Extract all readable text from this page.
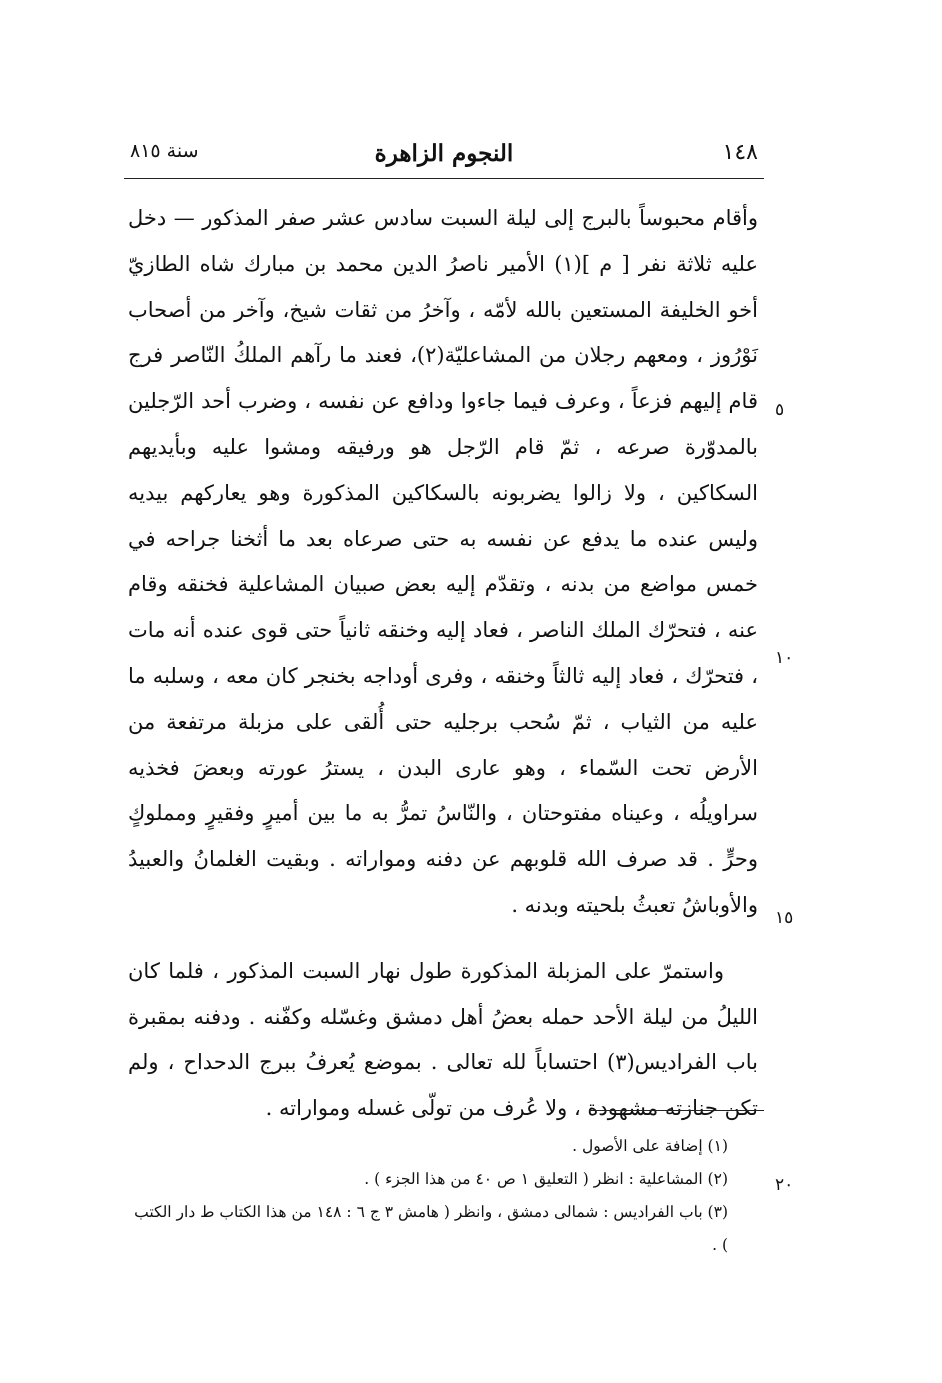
١٤٨
النجوم الزاهرة
سنة ٨١٥

وأقام محبوساً بالبرج إلى ليلة السبت سادس عشر صفر المذكور — دخل عليه ثلاثة نفر [ م ](١) الأمير ناصرُ الدين محمد بن مبارك شاه الطازيّ أخو الخليفة المستعين بالله لأمّه ، وآخرُ من ثقات شيخ، وآخر من أصحاب نَوْرُوز ، ومعهم رجلان من المشاعليّة(٢)، فعند ما رآهم الملكُ النّاصر فرج قام إليهم فزعاً ، وعرف فيما جاءوا ودافع عن نفسه ، وضرب أحد الرّجلين بالمدوّرة صرعه ، ثمّ قام الرّجل هو ورفيقه ومشوا عليه وبأيديهم السكاكين ، ولا زالوا يضربونه بالسكاكين المذكورة وهو يعاركهم بيديه وليس عنده ما يدفع عن نفسه به حتى صرعاه بعد ما أثخنا جراحه في خمس مواضع من بدنه ، وتقدّم إليه بعض صبيان المشاعلية فخنقه وقام عنه ، فتحرّك الملك الناصر ، فعاد إليه وخنقه ثانياً حتى قوى عنده أنه مات ، فتحرّك ، فعاد إليه ثالثاً وخنقه ، وفرى أوداجه بخنجر كان معه ، وسلبه ما عليه من الثياب ، ثمّ سُحب برجليه حتى أُلقى على مزبلة مرتفعة من الأرض تحت السّماء ، وهو عارى البدن ، يسترُ عورته وبعضَ فخذيه سراويلُه ، وعيناه مفتوحتان ، والنّاسُ تمرُّ به ما بين أميرٍ وفقيرٍ ومملوكٍ وحرٍّ . قد صرف الله قلوبهم عن دفنه ومواراته . وبقيت الغلمانُ والعبيدُ والأوباشُ تعبثُ بلحيته وبدنه .

واستمرّ على المزبلة المذكورة طول نهار السبت المذكور ، فلما كان الليلُ من ليلة الأحد حمله بعضُ أهل دمشق وغسّله وكفّنه . ودفنه بمقبرة باب الفراديس(٣) احتساباً لله تعالى . بموضع يُعرفُ ببرج الدحداح ، ولم تكن جنازته مشهودة ، ولا عُرف من تولّى غسله ومواراته .

٥
١٠
١٥
٢٠

(١) إضافة على الأصول .

(٢) المشاعلية : انظر ( التعليق ١ ص ٤٠ من هذا الجزء ) .

(٣) باب الفراديس : شمالى دمشق ، وانظر ( هامش ٣ ج ٦ : ١٤٨ من هذا الكتاب ط دار الكتب ) .
